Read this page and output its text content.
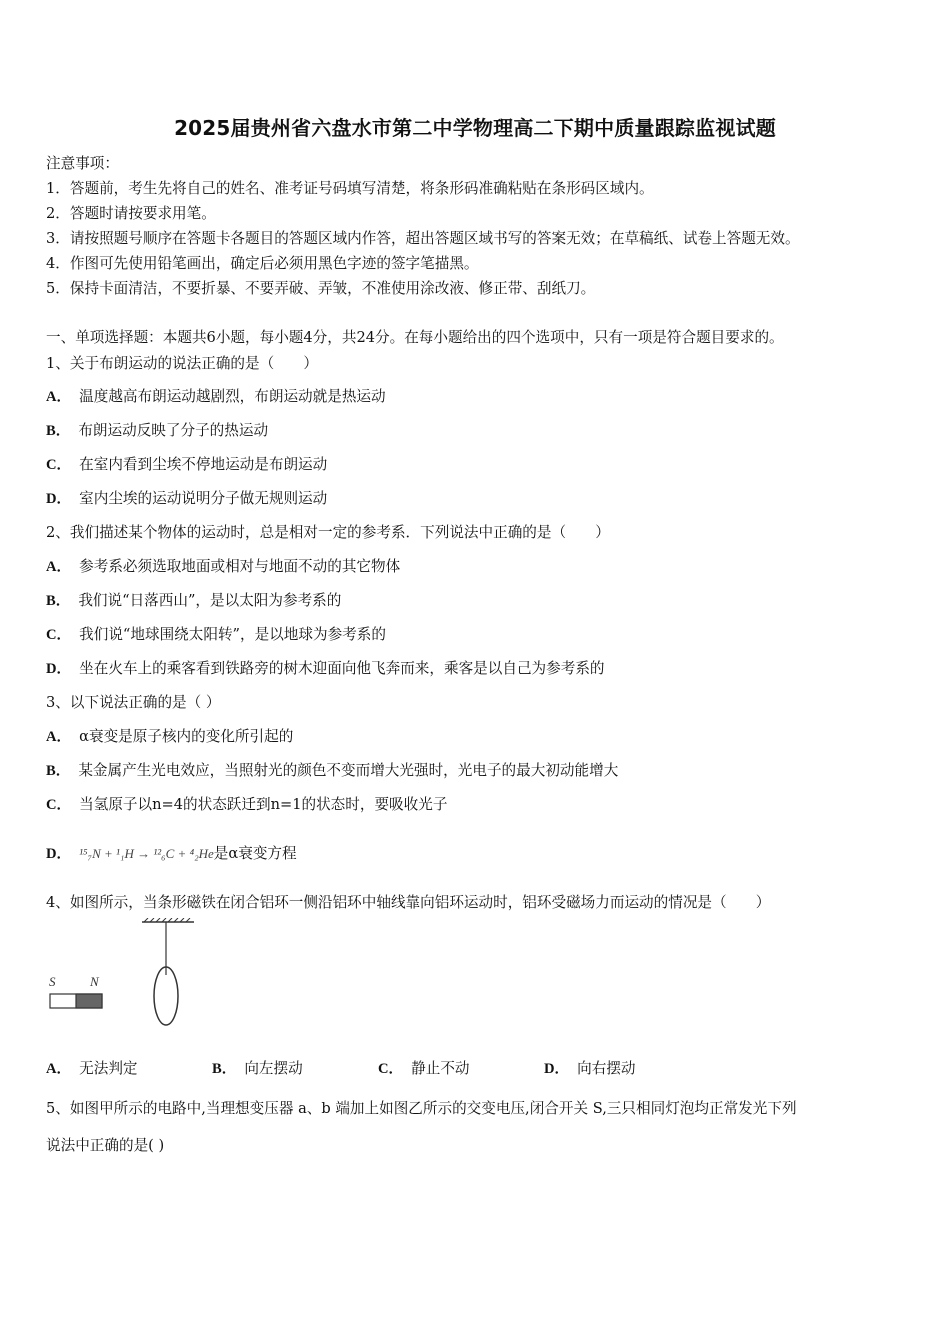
2025届贵州省六盘水市第二中学物理高二下期中质量跟踪监视试题
注意事项：
1．答题前，考生先将自己的姓名、准考证号码填写清楚，将条形码准确粘贴在条形码区域内。
2．答题时请按要求用笔。
3．请按照题号顺序在答题卡各题目的答题区域内作答，超出答题区域书写的答案无效；在草稿纸、试卷上答题无效。
4．作图可先使用铅笔画出，确定后必须用黑色字迹的签字笔描黑。
5．保持卡面清洁，不要折暴、不要弄破、弄皱，不准使用涂改液、修正带、刮纸刀。
一、单项选择题：本题共6小题，每小题4分，共24分。在每小题给出的四个选项中，只有一项是符合题目要求的。
1、关于布朗运动的说法正确的是（　　）
A． 温度越高布朗运动越剧烈，布朗运动就是热运动
B． 布朗运动反映了分子的热运动
C． 在室内看到尘埃不停地运动是布朗运动
D． 室内尘埃的运动说明分子做无规则运动
2、我们描述某个物体的运动时，总是相对一定的参考系．下列说法中正确的是（　　）
A． 参考系必须选取地面或相对与地面不动的其它物体
B． 我们说“日落西山”，是以太阳为参考系的
C． 我们说“地球围绕太阳转”，是以地球为参考系的
D． 坐在火车上的乘客看到铁路旁的树木迎面向他飞奔而来，乘客是以自己为参考系的
3、以下说法正确的是（ ）
A． α衰变是原子核内的变化所引起的
B． 某金属产生光电效应，当照射光的颜色不变而增大光强时，光电子的最大初动能增大
C． 当氢原子以n=4的状态跃迁到n=1的状态时，要吸收光子
D． ¹⁵₇N + ¹₁H → ¹²₆C + ⁴₂He是α衰变方程
4、如图所示，当条形磁铁在闭合铝环一侧沿铝环中轴线靠向铝环运动时，铝环受磁场力而运动的情况是（　　）
S	N
A． 无法判定	B． 向左摆动	C． 静止不动	D． 向右摆动
5、如图甲所示的电路中,当理想变压器 a、b 端加上如图乙所示的交变电压,闭合开关 S,三只相同灯泡均正常发光下列
说法中正确的是( )
